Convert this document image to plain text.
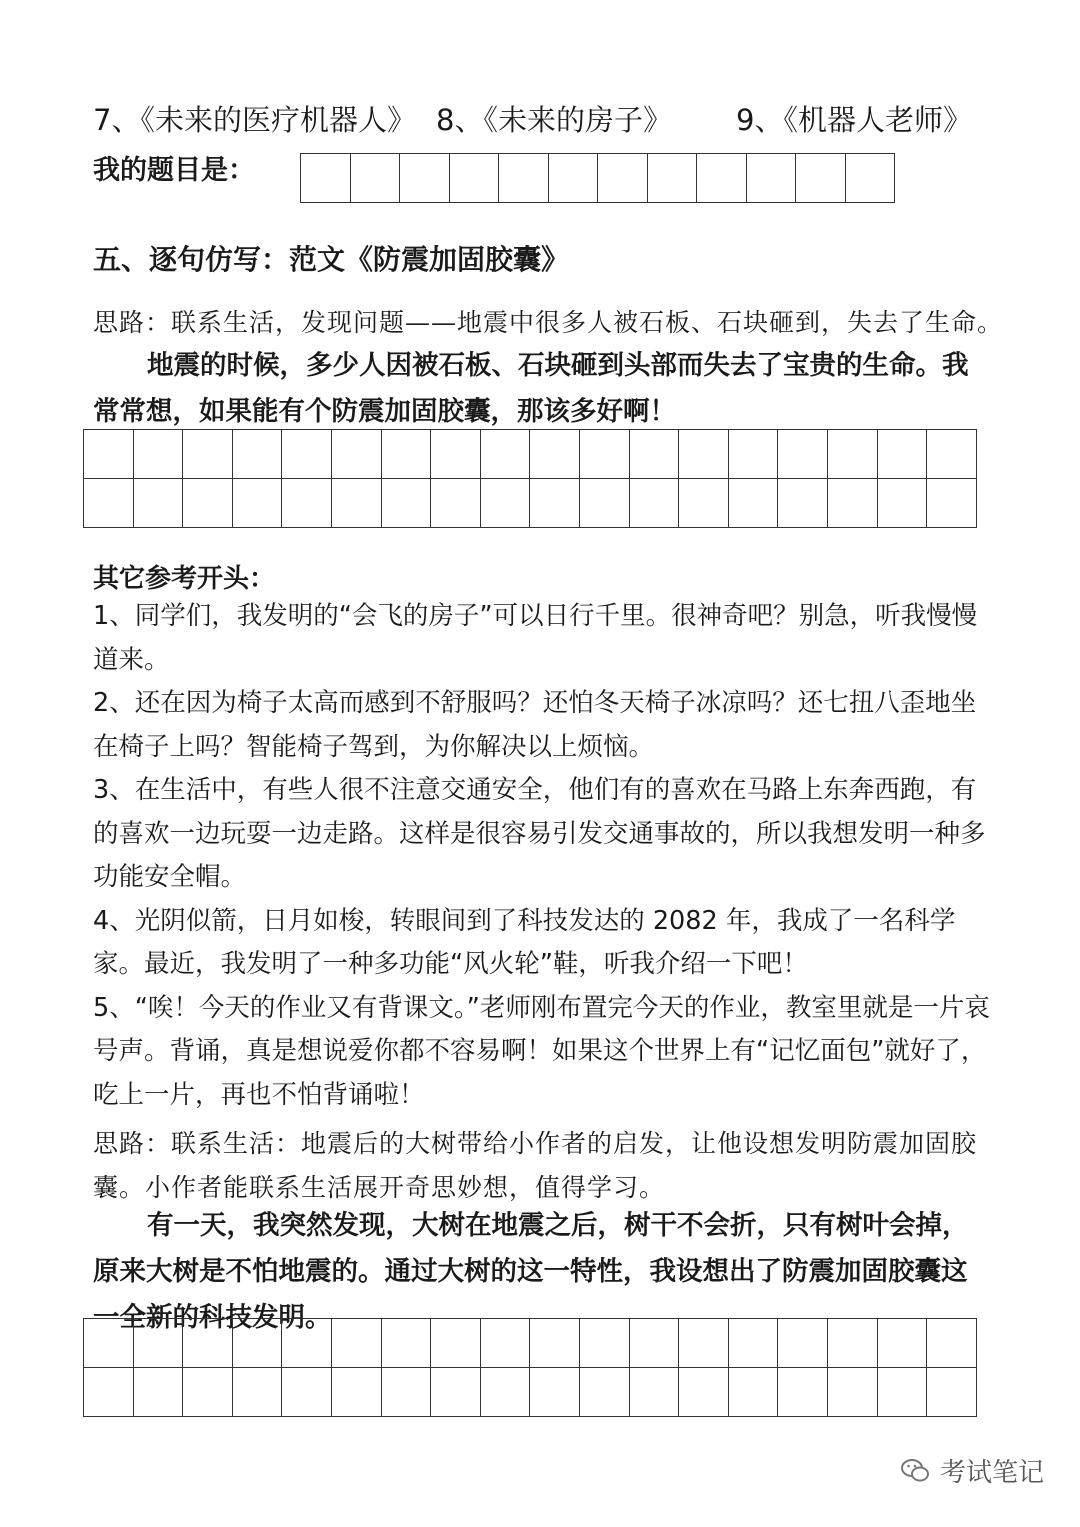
7、《未来的医疗机器人》 8、《未来的房子》 9、《机器人老师》
我的题目是：
五、逐句仿写：范文《防震加固胶囊》
思路：联系生活，发现问题——地震中很多人被石板、石块砸到，失去了生命。
地震的时候，多少人因被石板、石块砸到头部而失去了宝贵的生命。我常常想，如果能有个防震加固胶囊，那该多好啊！
其它参考开头：

1、同学们，我发明的“会飞的房子”可以日行千里。很神奇吧？别急，听我慢慢道来。

2、还在因为椅子太高而感到不舒服吗？还怕冬天椅子冰凉吗？还七扭八歪地坐在椅子上吗？智能椅子驾到，为你解决以上烦恼。

3、在生活中，有些人很不注意交通安全，他们有的喜欢在马路上东奔西跑，有的喜欢一边玩耍一边走路。这样是很容易引发交通事故的，所以我想发明一种多功能安全帽。

4、光阴似箭，日月如梭，转眼间到了科技发达的 2082 年，我成了一名科学家。最近，我发明了一种多功能“风火轮”鞋，听我介绍一下吧！

5、“唉！今天的作业又有背课文。”老师刚布置完今天的作业，教室里就是一片哀号声。背诵，真是想说爱你都不容易啊！如果这个世界上有“记忆面包”就好了，吃上一片，再也不怕背诵啦！

思路：联系生活：地震后的大树带给小作者的启发，让他设想发明防震加固胶囊。小作者能联系生活展开奇思妙想，值得学习。
有一天，我突然发现，大树在地震之后，树干不会折，只有树叶会掉，原来大树是不怕地震的。通过大树的这一特性，我设想出了防震加固胶囊这一全新的科技发明。
考试笔记
